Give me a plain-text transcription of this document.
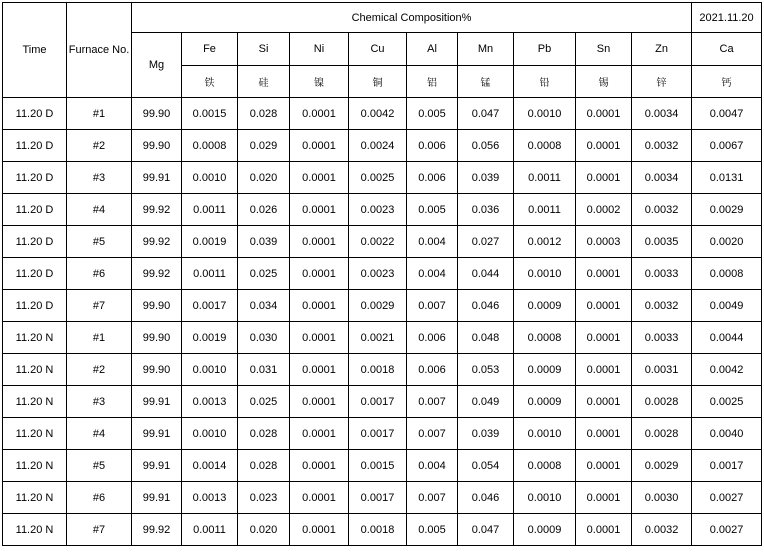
Time	Furnace No.	Chemical Composition%										2021.11.20
		Mg	Fe	Si	Ni	Cu	Al	Mn	Pb	Sn	Zn	Ca
			铁	硅	镍	铜	铝	锰	铅	锡	锌	钙
11.20 D	#1	99.90	0.0015	0.028	0.0001	0.0042	0.005	0.047	0.0010	0.0001	0.0034	0.0047
11.20 D	#2	99.90	0.0008	0.029	0.0001	0.0024	0.006	0.056	0.0008	0.0001	0.0032	0.0067
11.20 D	#3	99.91	0.0010	0.020	0.0001	0.0025	0.006	0.039	0.0011	0.0001	0.0034	0.0131
11.20 D	#4	99.92	0.0011	0.026	0.0001	0.0023	0.005	0.036	0.0011	0.0002	0.0032	0.0029
11.20 D	#5	99.92	0.0019	0.039	0.0001	0.0022	0.004	0.027	0.0012	0.0003	0.0035	0.0020
11.20 D	#6	99.92	0.0011	0.025	0.0001	0.0023	0.004	0.044	0.0010	0.0001	0.0033	0.0008
11.20 D	#7	99.90	0.0017	0.034	0.0001	0.0029	0.007	0.046	0.0009	0.0001	0.0032	0.0049
11.20 N	#1	99.90	0.0019	0.030	0.0001	0.0021	0.006	0.048	0.0008	0.0001	0.0033	0.0044
11.20 N	#2	99.90	0.0010	0.031	0.0001	0.0018	0.006	0.053	0.0009	0.0001	0.0031	0.0042
11.20 N	#3	99.91	0.0013	0.025	0.0001	0.0017	0.007	0.049	0.0009	0.0001	0.0028	0.0025
11.20 N	#4	99.91	0.0010	0.028	0.0001	0.0017	0.007	0.039	0.0010	0.0001	0.0028	0.0040
11.20 N	#5	99.91	0.0014	0.028	0.0001	0.0015	0.004	0.054	0.0008	0.0001	0.0029	0.0017
11.20 N	#6	99.91	0.0013	0.023	0.0001	0.0017	0.007	0.046	0.0010	0.0001	0.0030	0.0027
11.20 N	#7	99.92	0.0011	0.020	0.0001	0.0018	0.005	0.047	0.0009	0.0001	0.0032	0.0027
